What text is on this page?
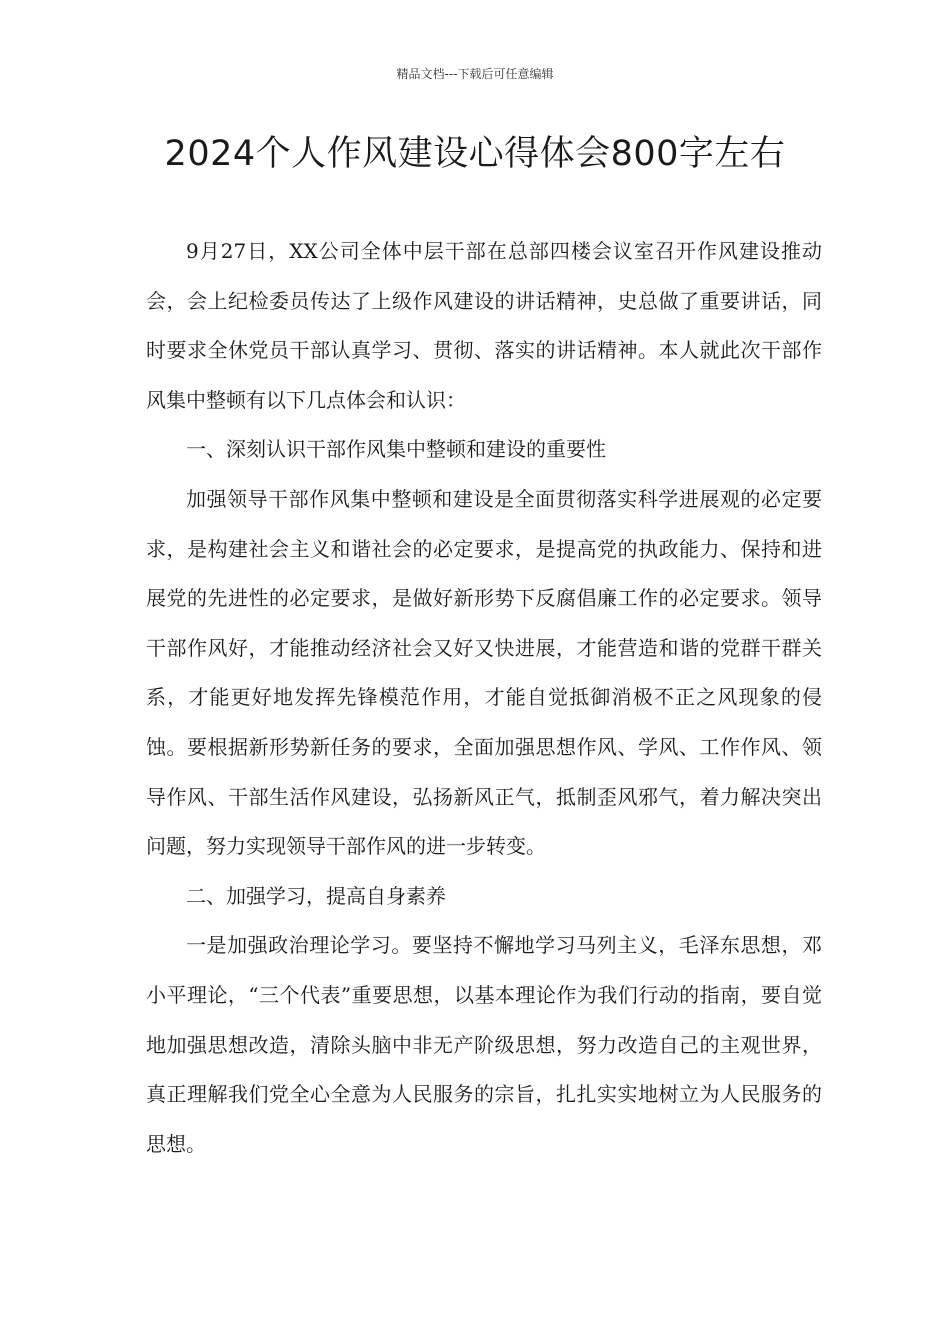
精品文档---下载后可任意编辑
2024个人作风建设心得体会800字左右

9月27日，XX公司全体中层干部在总部四楼会议室召开作风建设推动会，会上纪检委员传达了上级作风建设的讲话精神，史总做了重要讲话，同时要求全休党员干部认真学习、贯彻、落实的讲话精神。本人就此次干部作风集中整顿有以下几点体会和认识：

一、深刻认识干部作风集中整顿和建设的重要性

加强领导干部作风集中整顿和建设是全面贯彻落实科学进展观的必定要求，是构建社会主义和谐社会的必定要求，是提高党的执政能力、保持和进展党的先进性的必定要求，是做好新形势下反腐倡廉工作的必定要求。领导干部作风好，才能推动经济社会又好又快进展，才能营造和谐的党群干群关系，才能更好地发挥先锋模范作用，才能自觉抵御消极不正之风现象的侵蚀。要根据新形势新任务的要求，全面加强思想作风、学风、工作作风、领导作风、干部生活作风建设，弘扬新风正气，抵制歪风邪气，着力解决突出问题，努力实现领导干部作风的进一步转变。

二、加强学习，提高自身素养

一是加强政治理论学习。要坚持不懈地学习马列主义，毛泽东思想，邓小平理论，“三个代表”重要思想，以基本理论作为我们行动的指南，要自觉地加强思想改造，清除头脑中非无产阶级思想，努力改造自己的主观世界，真正理解我们党全心全意为人民服务的宗旨，扎扎实实地树立为人民服务的思想。
